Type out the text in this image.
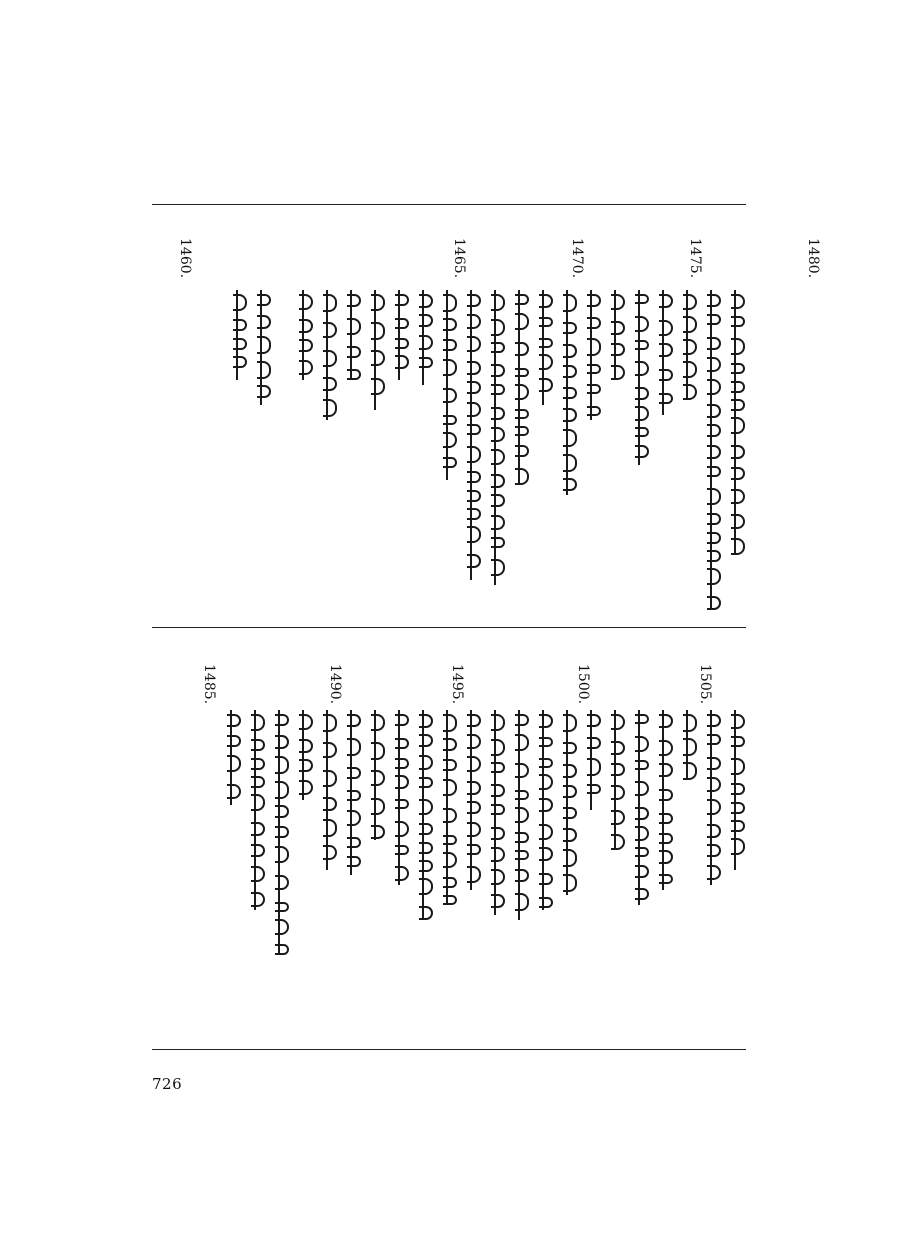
1480.
1475.
1470.
1465.
1460.
1505.
1500.
1495.
1490.
1485.
726
